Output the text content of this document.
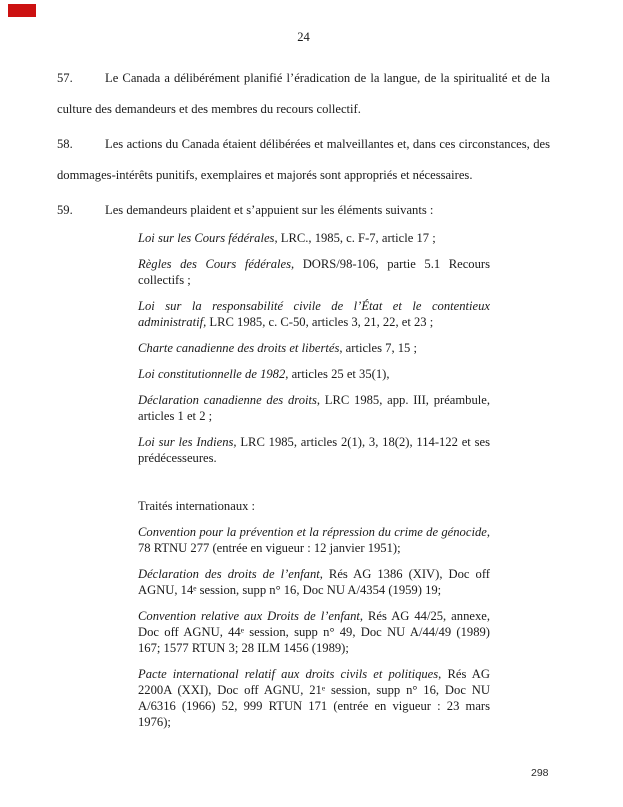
24

57.	Le Canada a délibérément planifié l’éradication de la langue, de la spiritualité et de la culture des demandeurs et des membres du recours collectif.

58.	Les actions du Canada étaient délibérées et malveillantes et, dans ces circonstances, des dommages-intérêts punitifs, exemplaires et majorés sont appropriés et nécessaires.

59.	Les demandeurs plaident et s’appuient sur les éléments suivants :

Loi sur les Cours fédérales, LRC., 1985, c. F-7, article 17 ;

Règles des Cours fédérales, DORS/98-106, partie 5.1 Recours collectifs ;

Loi sur la responsabilité civile de l’État et le contentieux administratif, LRC 1985, c. C-50, articles 3, 21, 22, et 23 ;

Charte canadienne des droits et libertés, articles 7, 15 ;

Loi constitutionnelle de 1982, articles 25 et 35(1),

Déclaration canadienne des droits, LRC 1985, app. III, préambule, articles 1 et 2 ;

Loi sur les Indiens, LRC 1985, articles 2(1), 3, 18(2), 114-122 et ses prédécesseures.

Traités internationaux :

Convention pour la prévention et la répression du crime de génocide, 78 RTNU 277 (entrée en vigueur : 12 janvier 1951);

Déclaration des droits de l’enfant, Rés AG 1386 (XIV), Doc off AGNU, 14ᵉ session, supp n° 16, Doc NU A/4354 (1959) 19;

Convention relative aux Droits de l’enfant, Rés AG 44/25, annexe, Doc off AGNU, 44ᵉ session, supp n° 49, Doc NU A/44/49 (1989) 167; 1577 RTUN 3; 28 ILM 1456 (1989);

Pacte international relatif aux droits civils et politiques, Rés AG 2200A (XXI), Doc off AGNU, 21ᵉ session, supp n° 16, Doc NU A/6316 (1966) 52, 999 RTUN 171 (entrée en vigueur : 23 mars 1976);

298
